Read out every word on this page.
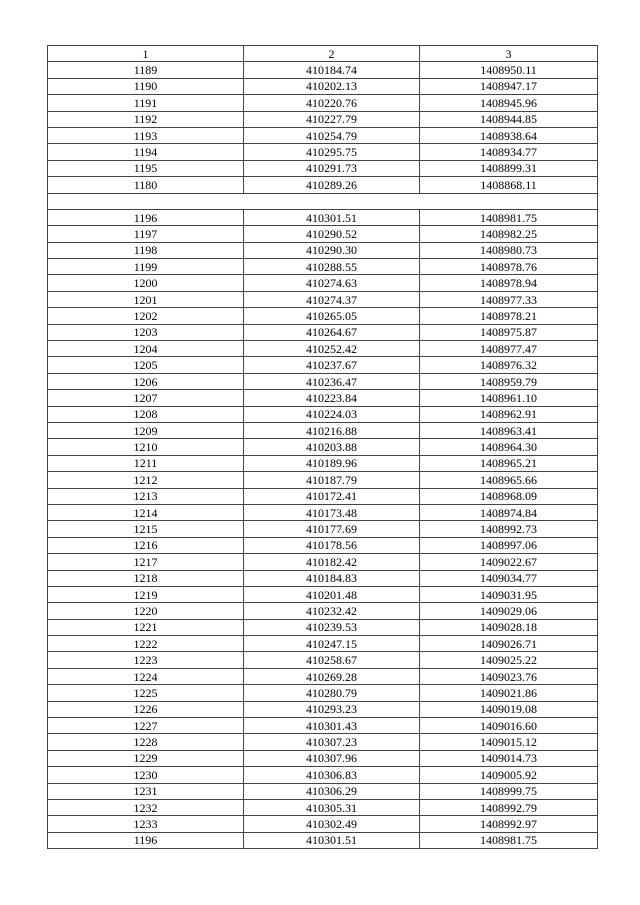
1	2	3
1189	410184.74	1408950.11
1190	410202.13	1408947.17
1191	410220.76	1408945.96
1192	410227.79	1408944.85
1193	410254.79	1408938.64
1194	410295.75	1408934.77
1195	410291.73	1408899.31
1180	410289.26	1408868.11

1196	410301.51	1408981.75
1197	410290.52	1408982.25
1198	410290.30	1408980.73
1199	410288.55	1408978.76
1200	410274.63	1408978.94
1201	410274.37	1408977.33
1202	410265.05	1408978.21
1203	410264.67	1408975.87
1204	410252.42	1408977.47
1205	410237.67	1408976.32
1206	410236.47	1408959.79
1207	410223.84	1408961.10
1208	410224.03	1408962.91
1209	410216.88	1408963.41
1210	410203.88	1408964.30
1211	410189.96	1408965.21
1212	410187.79	1408965.66
1213	410172.41	1408968.09
1214	410173.48	1408974.84
1215	410177.69	1408992.73
1216	410178.56	1408997.06
1217	410182.42	1409022.67
1218	410184.83	1409034.77
1219	410201.48	1409031.95
1220	410232.42	1409029.06
1221	410239.53	1409028.18
1222	410247.15	1409026.71
1223	410258.67	1409025.22
1224	410269.28	1409023.76
1225	410280.79	1409021.86
1226	410293.23	1409019.08
1227	410301.43	1409016.60
1228	410307.23	1409015.12
1229	410307.96	1409014.73
1230	410306.83	1409005.92
1231	410306.29	1408999.75
1232	410305.31	1408992.79
1233	410302.49	1408992.97
1196	410301.51	1408981.75
